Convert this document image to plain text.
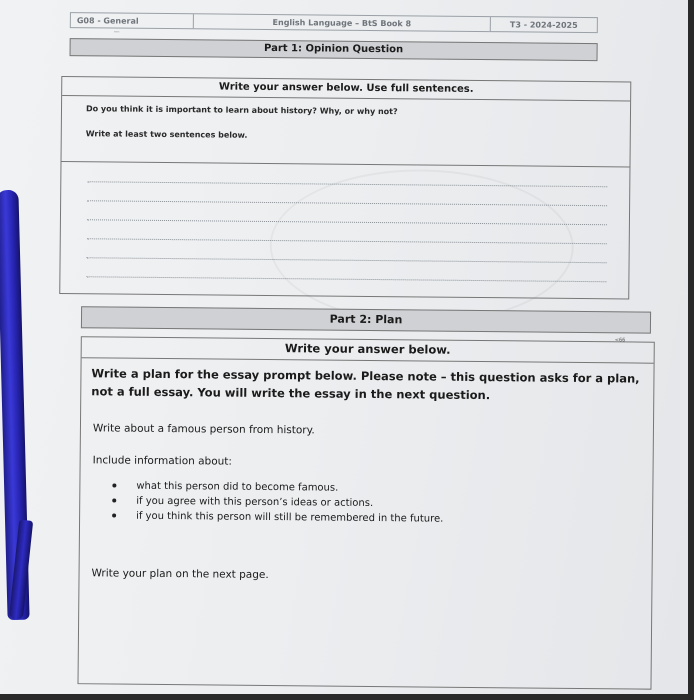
G08 - General	English Language – BtS Book 8	T3 - 2024-2025
—
Part 1: Opinion Question
Write your answer below. Use full sentences.
Do you think it is important to learn about history? Why, or why not?
Write at least two sentences below.
Part 2: Plan
<66
Write your answer below.
Write a plan for the essay prompt below. Please note – this question asks for a plan, not a full essay. You will write the essay in the next question.
Write about a famous person from history.
Include information about:
what this person did to become famous.
if you agree with this person’s ideas or actions.
if you think this person will still be remembered in the future.
Write your plan on the next page.
